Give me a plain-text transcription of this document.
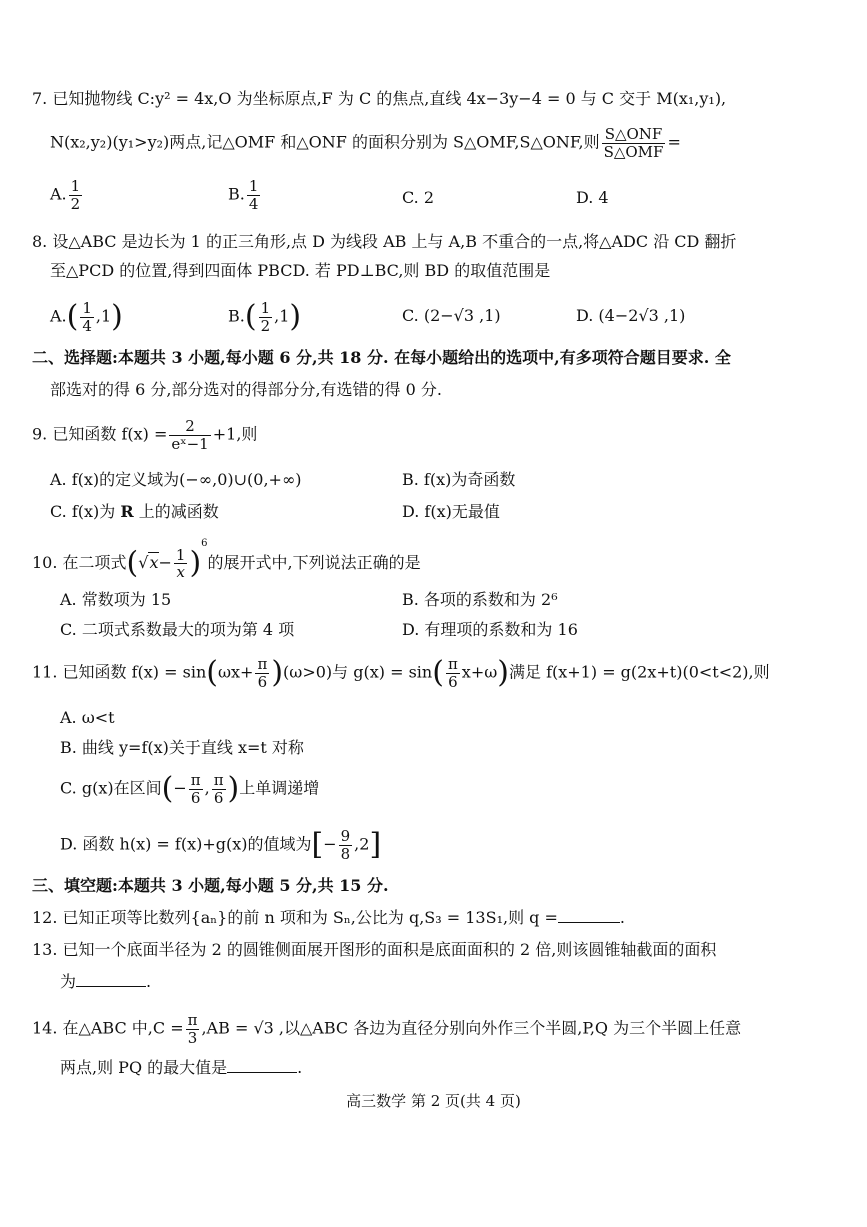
7. 已知抛物线 C:y² = 4x,O 为坐标原点,F 为 C 的焦点,直线 4x−3y−4 = 0 与 C 交于 M(x₁,y₁),
N(x₂,y₂)(y₁>y₂)两点,记△OMF 和△ONF 的面积分别为 S△OMF,S△ONF,则 $\frac{\text{S△ONF}}{\text{S△OMF}}$ =
A. $\frac{1}{2}$	B. $\frac{1}{4}$	C. 2	D. 4
8. 设△ABC 是边长为 1 的正三角形,点 D 为线段 AB 上与 A,B 不重合的一点,将△ADC 沿 CD 翻折
至△PCD 的位置,得到四面体 PBCD. 若 PD⊥BC,则 BD 的取值范围是
$A.( \frac{1}{4} ,1)$	$B.( \frac{1}{2} ,1)$	C. (2−√3 ,1)	D. (4−2√3 ,1)
二、选择题:本题共 3 小题,每小题 6 分,共 18 分. 在每小题给出的选项中,有多项符合题目要求. 全
部选对的得 6 分,部分选对的得部分分,有选错的得 0 分.
9. 已知函数 $f(x) = \frac{2}{\text{eˣ−1}} +1$,则
A. f(x)的定义域为(−∞,0)∪(0,+∞)	B. f(x)为奇函数
C. f(x)为 R 上的减函数	D. f(x)无最值
10. 在二项式$(√x- \frac{1}{x} )^6$的展开式中,下列说法正确的是
A. 常数项为 15	B. 各项的系数和为 2⁶
C. 二项式系数最大的项为第 4 项	D. 有理项的系数和为 16
11. 已知函数 $f(x) = \sin(\omega x+ \frac{\pi}{6} )(\omega>0)$与 $g(x) = \sin( \frac{\pi}{6} x+\omega)$满足 f(x+1) = g(2x+t)(0<t<2),则
A. ω<t
B. 曲线 y=f(x)关于直线 x=t 对称
C. g(x)在区间(− $\frac{\pi}{6}$ , $\frac{\pi}{6}$ )上单调递增
D. 函数 h(x) = f(x)+g(x)的值域为[− $\frac{9}{8} ,2$]
三、填空题:本题共 3 小题,每小题 5 分,共 15 分.
12. 已知正项等比数列{aₙ}的前 n 项和为 Sₙ,公比为 q,S₃ = 13S₁,则 q =	.
13. 已知一个底面半径为 2 的圆锥侧面展开图形的面积是底面面积的 2 倍,则该圆锥轴截面的面积
为	.
14. 在△ABC 中$,C = \frac{\pi}{3} ,AB = √3$ ,以△ABC 各边为直径分别向外作三个半圆,P,Q 为三个半圆上任意
两点,则 PQ 的最大值是	.
高三数学 第 2 页(共 4 页)
